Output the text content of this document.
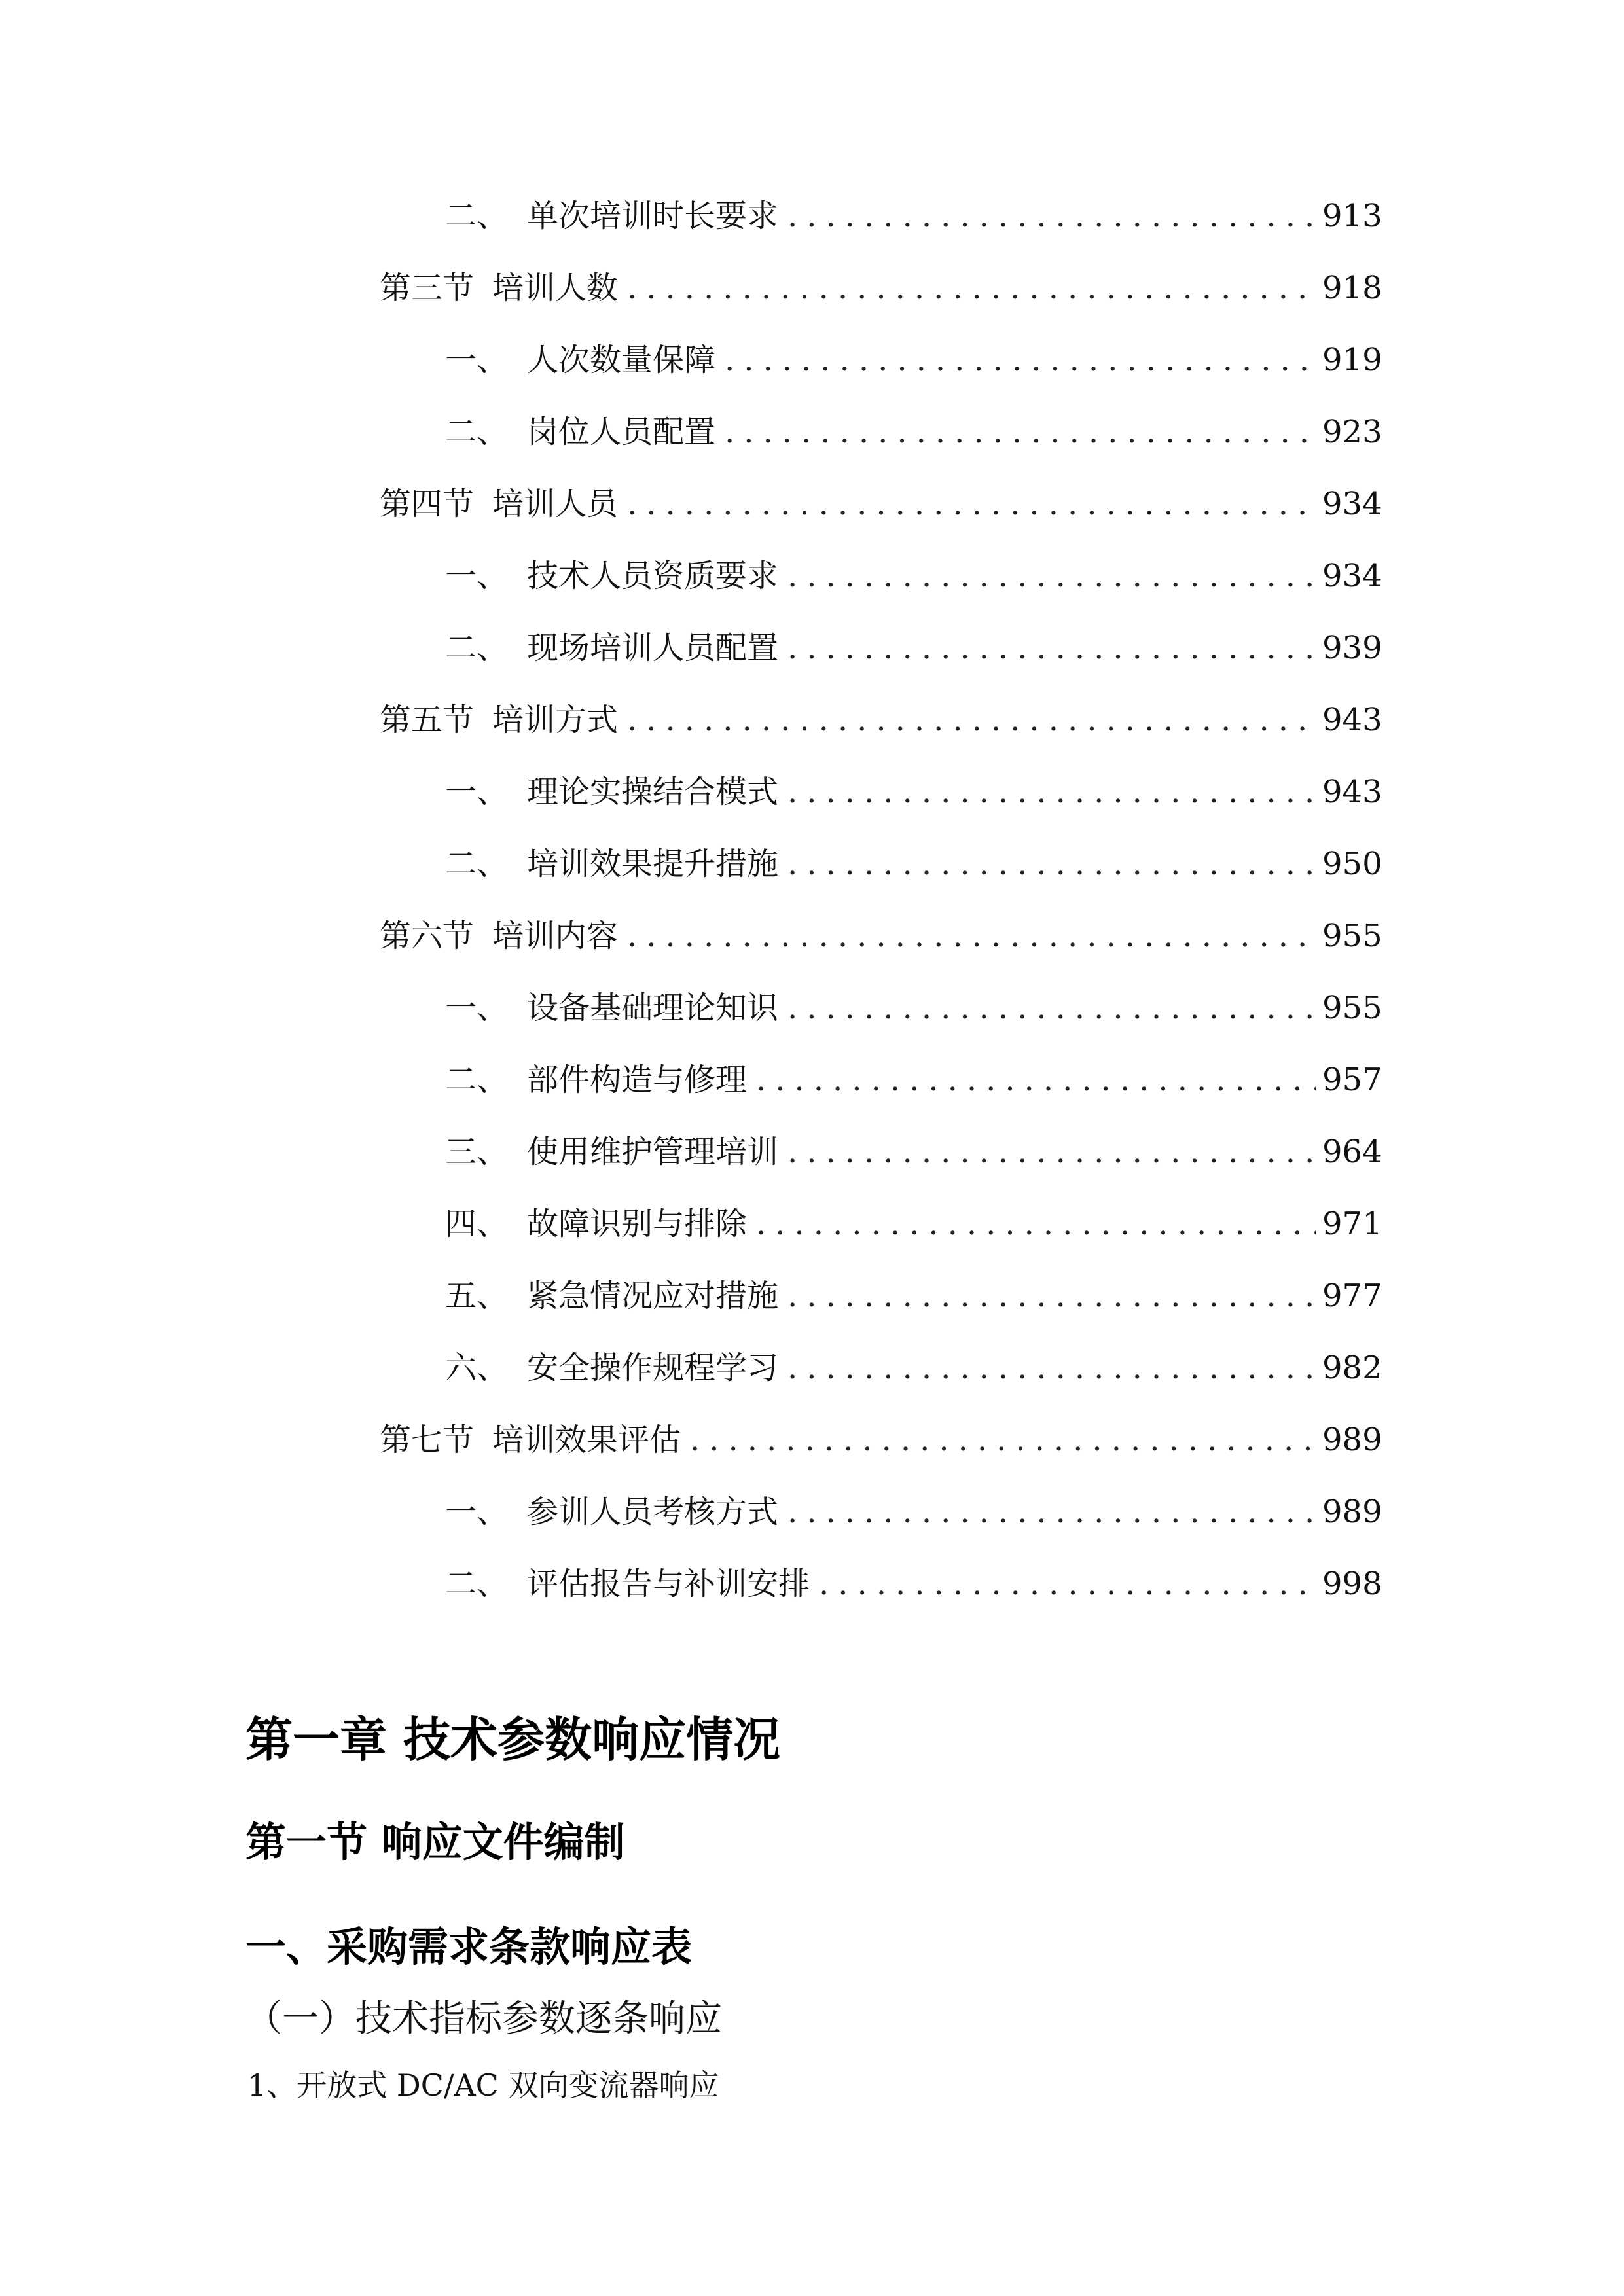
二、 单次培训时长要求 .....	913
第三节 培训人数 .....	918
一、 人次数量保障 .....	919
二、 岗位人员配置 .....	923
第四节 培训人员 .....	934
一、 技术人员资质要求 .....	934
二、 现场培训人员配置 .....	939
第五节 培训方式 .....	943
一、 理论实操结合模式 .....	943
二、 培训效果提升措施 .....	950
第六节 培训内容 .....	955
一、 设备基础理论知识 .....	955
二、 部件构造与修理 .....	957
三、 使用维护管理培训 .....	964
四、 故障识别与排除 .....	971
五、 紧急情况应对措施 .....	977
六、 安全操作规程学习 .....	982
第七节 培训效果评估 .....	989
一、 参训人员考核方式 .....	989
二、 评估报告与补训安排 .....	998
第一章 技术参数响应情况
第一节 响应文件编制
一、采购需求条款响应表
（一）技术指标参数逐条响应
1、开放式 DC/AC 双向变流器响应
